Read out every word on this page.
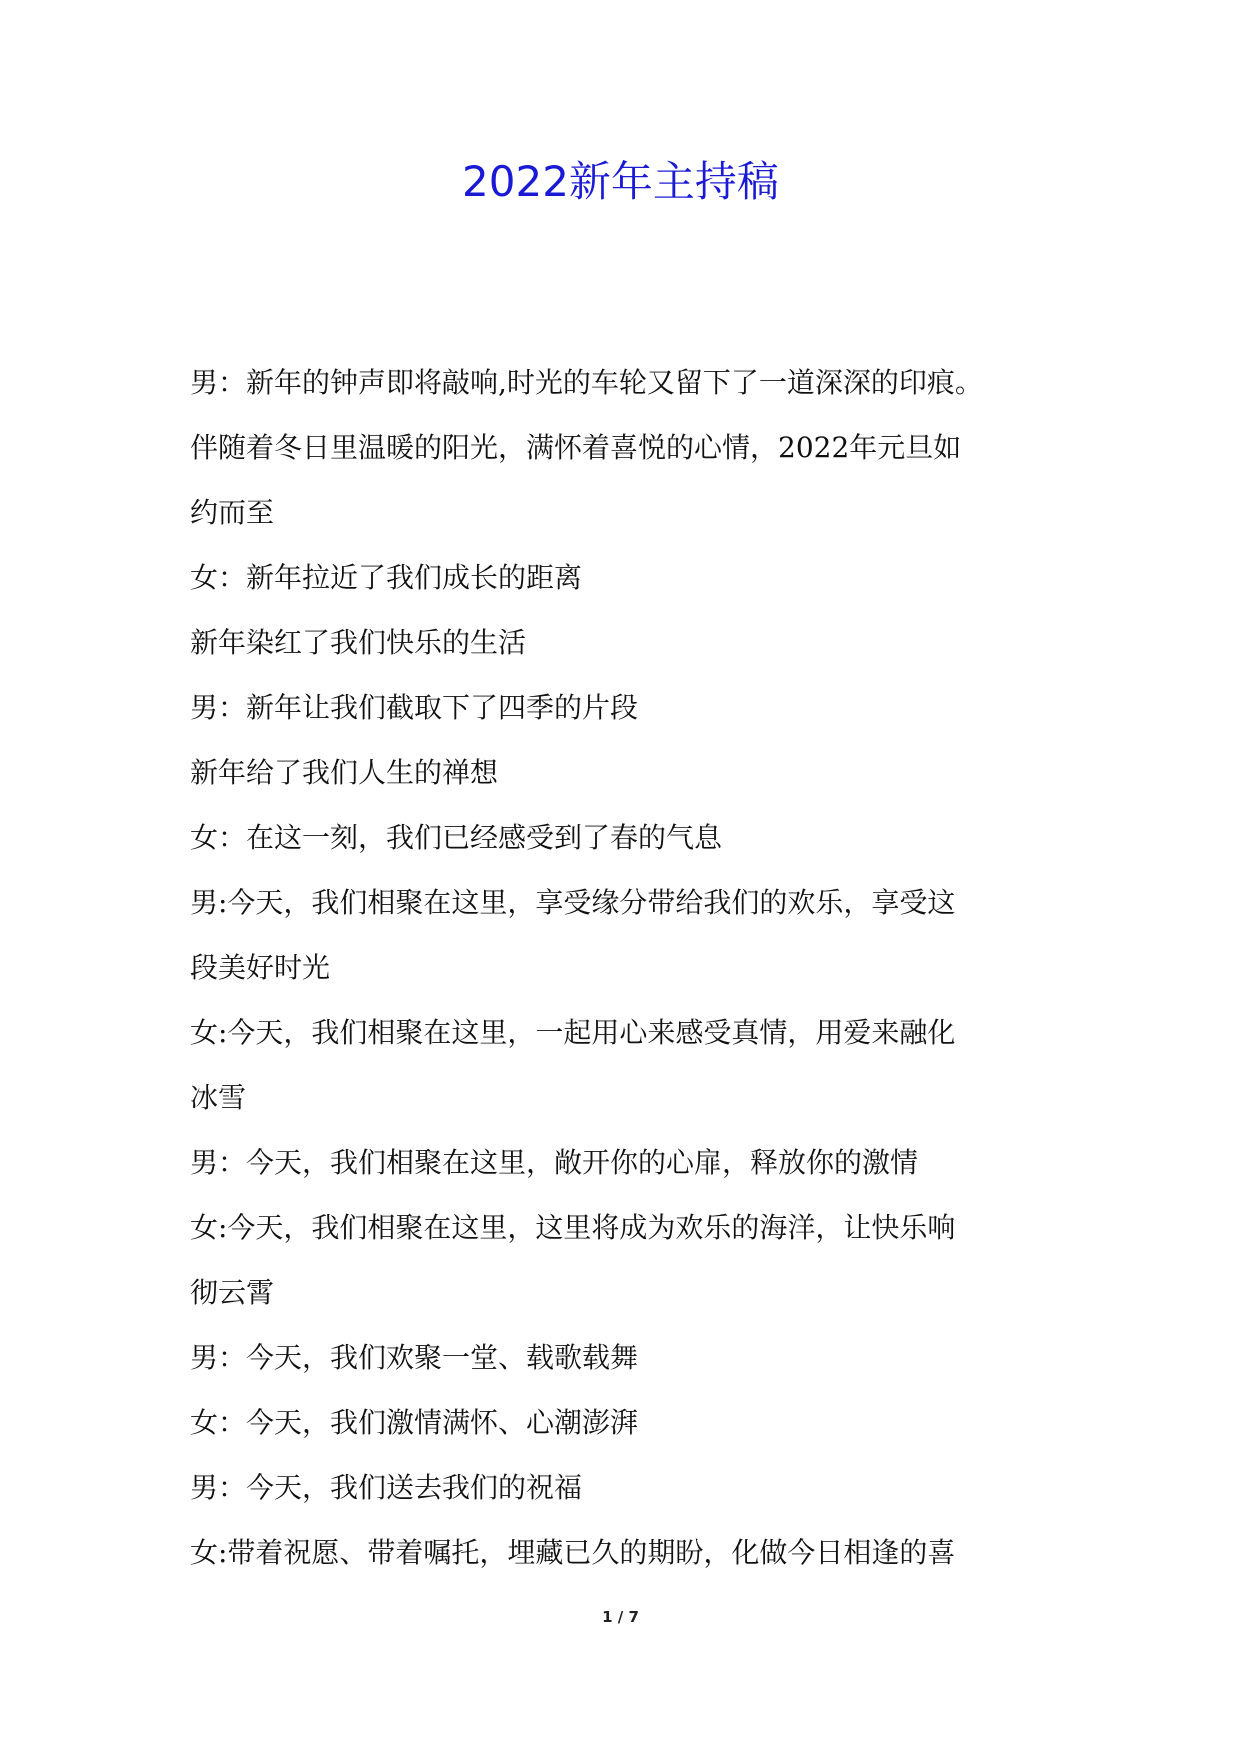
2022新年主持稿

男：新年的钟声即将敲响,时光的车轮又留下了一道深深的印痕。

伴随着冬日里温暖的阳光，满怀着喜悦的心情，2022年元旦如

约而至

女：新年拉近了我们成长的距离

新年染红了我们快乐的生活

男：新年让我们截取下了四季的片段

新年给了我们人生的禅想

女：在这一刻，我们已经感受到了春的气息

男:今天，我们相聚在这里，享受缘分带给我们的欢乐，享受这

段美好时光

女:今天，我们相聚在这里，一起用心来感受真情，用爱来融化

冰雪

男：今天，我们相聚在这里，敞开你的心扉，释放你的激情

女:今天，我们相聚在这里，这里将成为欢乐的海洋，让快乐响

彻云霄

男：今天，我们欢聚一堂、载歌载舞

女：今天，我们激情满怀、心潮澎湃

男：今天，我们送去我们的祝福

女:带着祝愿、带着嘱托，埋藏已久的期盼，化做今日相逢的喜

1 / 7
